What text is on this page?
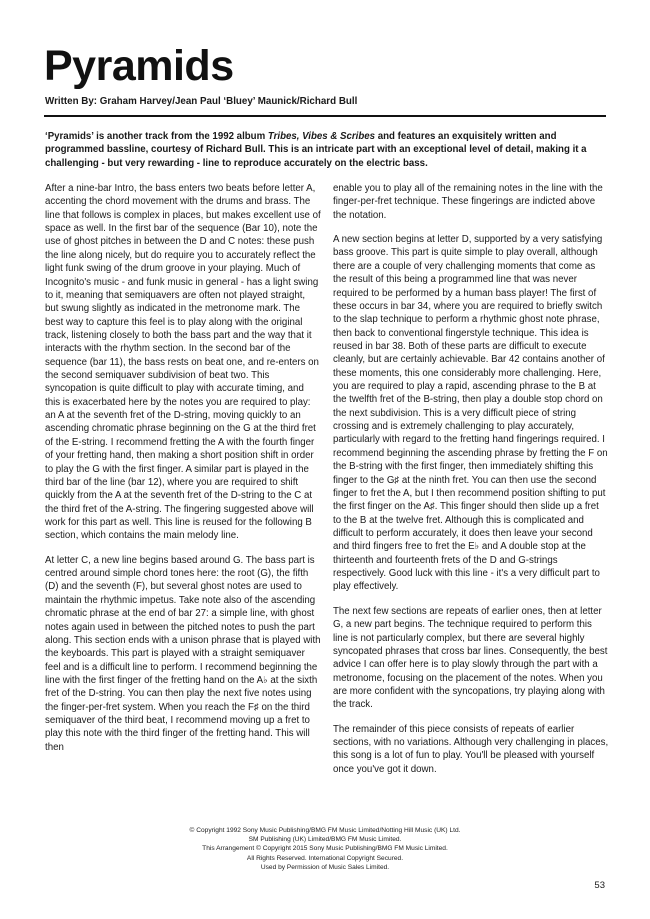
Pyramids
Written By: Graham Harvey/Jean Paul ‘Bluey’ Maunick/Richard Bull

‘Pyramids’ is another track from the 1992 album Tribes, Vibes & Scribes and features an exquisitely written and programmed bassline, courtesy of Richard Bull. This is an intricate part with an exceptional level of detail, making it a challenging - but very rewarding - line to reproduce accurately on the electric bass.

After a nine-bar Intro, the bass enters two beats before letter A, accenting the chord movement with the drums and brass. The line that follows is complex in places, but makes excellent use of space as well. In the first bar of the sequence (Bar 10), note the use of ghost pitches in between the D and C notes: these push the line along nicely, but do require you to accurately reflect the light funk swing of the drum groove in your playing. Much of Incognito's music - and funk music in general - has a light swing to it, meaning that semiquavers are often not played straight, but swung slightly as indicated in the metronome mark. The best way to capture this feel is to play along with the original track, listening closely to both the bass part and the way that it interacts with the rhythm section. In the second bar of the sequence (bar 11), the bass rests on beat one, and re-enters on the second semiquaver subdivision of beat two. This syncopation is quite difficult to play with accurate timing, and this is exacerbated here by the notes you are required to play: an A at the seventh fret of the D-string, moving quickly to an ascending chromatic phrase beginning on the G at the third fret of the E-string. I recommend fretting the A with the fourth finger of your fretting hand, then making a short position shift in order to play the G with the first finger. A similar part is played in the third bar of the line (bar 12), where you are required to shift quickly from the A at the seventh fret of the D-string to the C at the third fret of the A-string. The fingering suggested above will work for this part as well. This line is reused for the following B section, which contains the main melody line.

At letter C, a new line begins based around G. The bass part is centred around simple chord tones here: the root (G), the fifth (D) and the seventh (F), but several ghost notes are used to maintain the rhythmic impetus. Take note also of the ascending chromatic phrase at the end of bar 27: a simple line, with ghost notes again used in between the pitched notes to push the part along. This section ends with a unison phrase that is played with the keyboards. This part is played with a straight semiquaver feel and is a difficult line to perform. I recommend beginning the line with the first finger of the fretting hand on the A♭ at the sixth fret of the D-string. You can then play the next five notes using the finger-per-fret system. When you reach the F♯ on the third semiquaver of the third beat, I recommend moving up a fret to play this note with the third finger of the fretting hand. This will then

enable you to play all of the remaining notes in the line with the finger-per-fret technique. These fingerings are indicted above the notation.

A new section begins at letter D, supported by a very satisfying bass groove. This part is quite simple to play overall, although there are a couple of very challenging moments that come as the result of this being a programmed line that was never required to be performed by a human bass player! The first of these occurs in bar 34, where you are required to briefly switch to the slap technique to perform a rhythmic ghost note phrase, then back to conventional fingerstyle technique. This idea is reused in bar 38. Both of these parts are difficult to execute cleanly, but are certainly achievable. Bar 42 contains another of these moments, this one considerably more challenging. Here, you are required to play a rapid, ascending phrase to the B at the twelfth fret of the B-string, then play a double stop chord on the next subdivision. This is a very difficult piece of string crossing and is extremely challenging to play accurately, particularly with regard to the fretting hand fingerings required. I recommend beginning the ascending phrase by fretting the F on the B-string with the first finger, then immediately shifting this finger to the G♯ at the ninth fret. You can then use the second finger to fret the A, but I then recommend position shifting to put the first finger on the A♯. This finger should then slide up a fret to the B at the twelve fret. Although this is complicated and difficult to perform accurately, it does then leave your second and third fingers free to fret the E♭ and A double stop at the thirteenth and fourteenth frets of the D and G-strings respectively. Good luck with this line - it's a very difficult part to play effectively.

The next few sections are repeats of earlier ones, then at letter G, a new part begins. The technique required to perform this line is not particularly complex, but there are several highly syncopated phrases that cross bar lines. Consequently, the best advice I can offer here is to play slowly through the part with a metronome, focusing on the placement of the notes. When you are more confident with the syncopations, try playing along with the track.

The remainder of this piece consists of repeats of earlier sections, with no variations. Although very challenging in places, this song is a lot of fun to play. You'll be pleased with yourself once you've got it down.

© Copyright 1992 Sony Music Publishing/BMG FM Music Limited/Notting Hill Music (UK) Ltd.
SM Publishing (UK) Limited/BMG FM Music Limited.
This Arrangement © Copyright 2015 Sony Music Publishing/BMG FM Music Limited.
All Rights Reserved. International Copyright Secured.
Used by Permission of Music Sales Limited.
53
